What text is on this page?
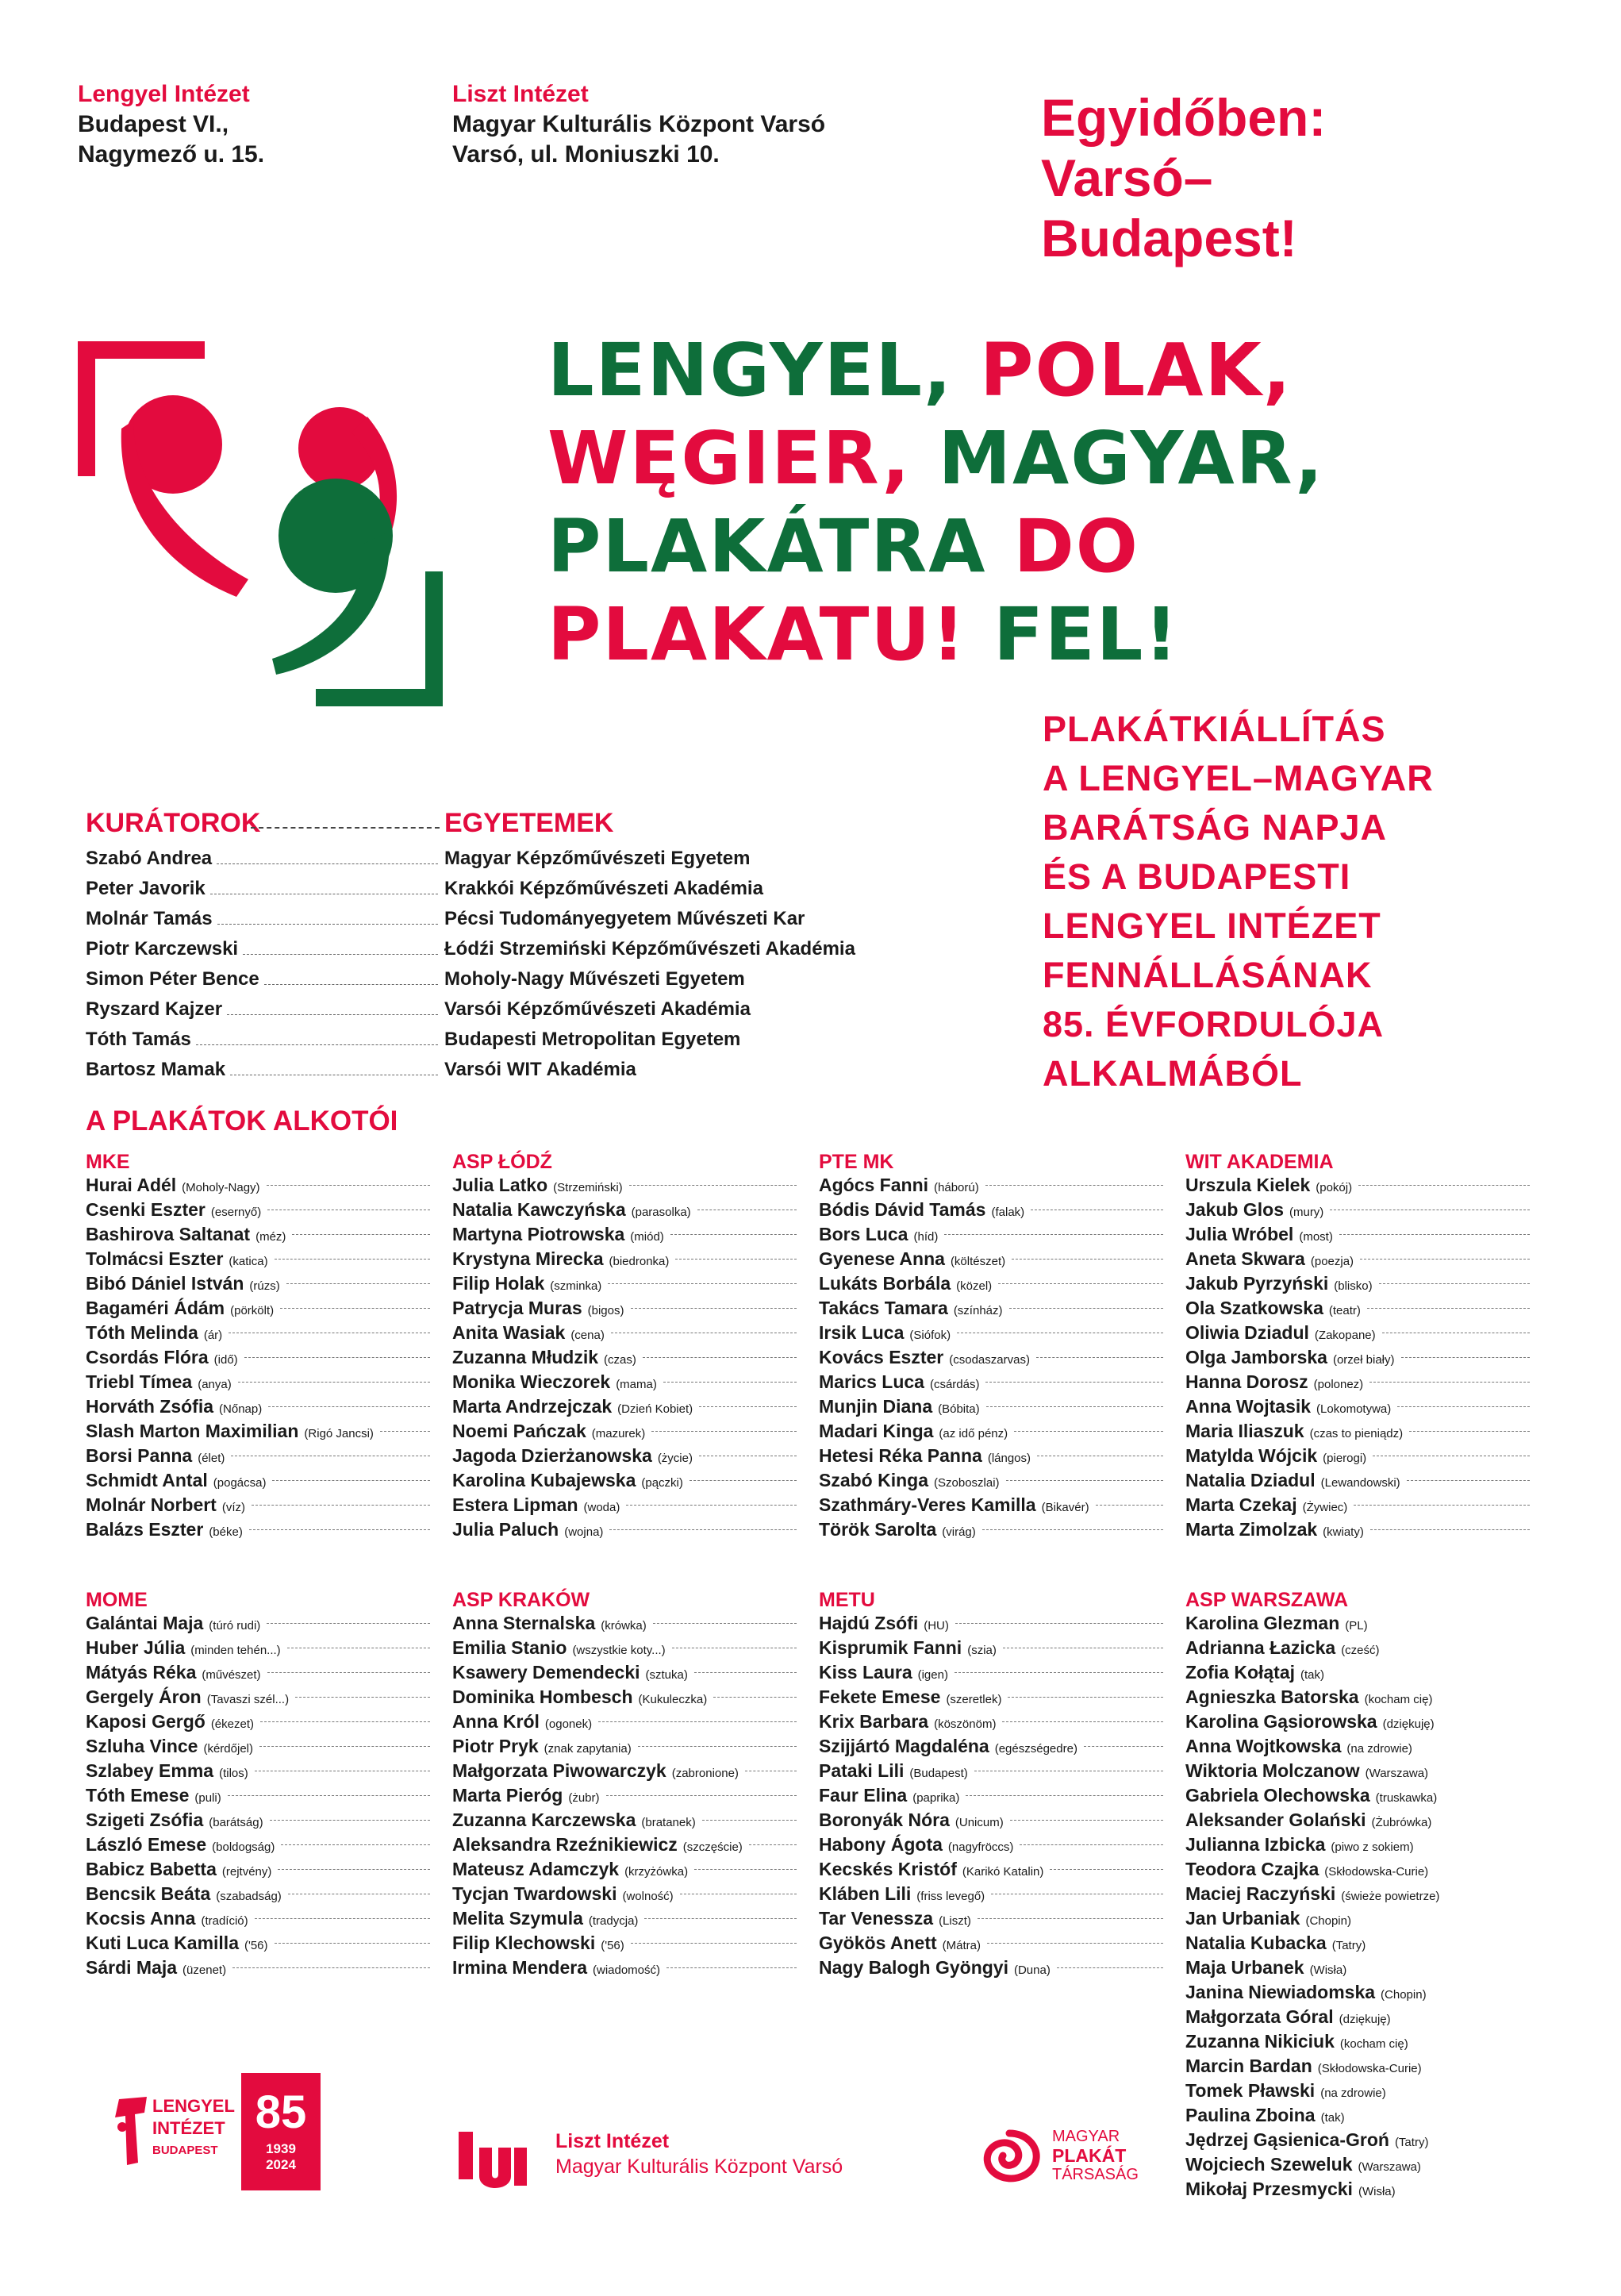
Lengyel Intézet
Budapest VI.,
Nagymező u. 15.
Liszt Intézet
Magyar Kulturális Központ Varsó
Varsó, ul. Moniuszki 10.
Egyidőben:
Varsó–
Budapest!
LENGYEL, POLAK,
WĘGIER, MAGYAR,
PLAKÁTRA DO
PLAKATU! FEL!
PLAKÁTKIÁLLÍTÁS
A LENGYEL–MAGYAR
BARÁTSÁG NAPJA
ÉS A BUDAPESTI
LENGYEL INTÉZET
FENNÁLLÁSÁNAK
85. ÉVFORDULÓJA
ALKALMÁBÓL
KURÁTOROK	EGYETEMEK
Szabó Andrea	Magyar Képzőművészeti Egyetem
Peter Javorik	Krakkói Képzőművészeti Akadémia
Molnár Tamás	Pécsi Tudományegyetem Művészeti Kar
Piotr Karczewski	Łódźi Strzemiński Képzőművészeti Akadémia
Simon Péter Bence	Moholy-Nagy Művészeti Egyetem
Ryszard Kajzer	Varsói Képzőművészeti Akadémia
Tóth Tamás	Budapesti Metropolitan Egyetem
Bartosz Mamak	Varsói WIT Akadémia
A PLAKÁTOK ALKOTÓI
MKE
Hurai Adél (Moholy-Nagy)
Csenki Eszter (esernyő)
Bashirova Saltanat (méz)
Tolmácsi Eszter (katica)
Bibó Dániel István (rúzs)
Bagaméri Ádám (pörkölt)
Tóth Melinda (ár)
Csordás Flóra (idő)
Triebl Tímea (anya)
Horváth Zsófia (Nőnap)
Slash Marton Maximilian (Rigó Jancsi)
Borsi Panna (élet)
Schmidt Antal (pogácsa)
Molnár Norbert (víz)
Balázs Eszter (béke)
ASP ŁÓDŹ
Julia Latko (Strzemiński)
Natalia Kawczyńska (parasolka)
Martyna Piotrowska (miód)
Krystyna Mirecka (biedronka)
Filip Holak (szminka)
Patrycja Muras (bigos)
Anita Wasiak (cena)
Zuzanna Młudzik (czas)
Monika Wieczorek (mama)
Marta Andrzejczak (Dzień Kobiet)
Noemi Pańczak (mazurek)
Jagoda Dzierżanowska (życie)
Karolina Kubajewska (pączki)
Estera Lipman (woda)
Julia Paluch (wojna)
PTE MK
Agócs Fanni (háború)
Bódis Dávid Tamás (falak)
Bors Luca (híd)
Gyenese Anna (költészet)
Lukáts Borbála (közel)
Takács Tamara (színház)
Irsik Luca (Siófok)
Kovács Eszter (csodaszarvas)
Marics Luca (csárdás)
Munjin Diana (Bóbita)
Madari Kinga (az idő pénz)
Hetesi Réka Panna (lángos)
Szabó Kinga (Szoboszlai)
Szathmáry-Veres Kamilla (Bikavér)
Török Sarolta (virág)
WIT AKADEMIA
Urszula Kielek (pokój)
Jakub Glos (mury)
Julia Wróbel (most)
Aneta Skwara (poezja)
Jakub Pyrzyński (blisko)
Ola Szatkowska (teatr)
Oliwia Dziadul (Zakopane)
Olga Jamborska (orzeł biały)
Hanna Dorosz (polonez)
Anna Wojtasik (Lokomotywa)
Maria Iliaszuk (czas to pieniądz)
Matylda Wójcik (pierogi)
Natalia Dziadul (Lewandowski)
Marta Czekaj (Żywiec)
Marta Zimolzak (kwiaty)
MOME
Galántai Maja (túró rudi)
Huber Júlia (minden tehén...)
Mátyás Réka (művészet)
Gergely Áron (Tavaszi szél...)
Kaposi Gergő (ékezet)
Szluha Vince (kérdőjel)
Szlabey Emma (tilos)
Tóth Emese (puli)
Szigeti Zsófia (barátság)
László Emese (boldogság)
Babicz Babetta (rejtvény)
Bencsik Beáta (szabadság)
Kocsis Anna (tradíció)
Kuti Luca Kamilla ('56)
Sárdi Maja (üzenet)
ASP KRAKÓW
Anna Sternalska (krówka)
Emilia Stanio (wszystkie koty...)
Ksawery Demendecki (sztuka)
Dominika Hombesch (Kukuleczka)
Anna Król (ogonek)
Piotr Pryk (znak zapytania)
Małgorzata Piwowarczyk (zabronione)
Marta Pieróg (żubr)
Zuzanna Karczewska (bratanek)
Aleksandra Rzeźnikiewicz (szczęście)
Mateusz Adamczyk (krzyżówka)
Tycjan Twardowski (wolność)
Melita Szymula (tradycja)
Filip Klechowski ('56)
Irmina Mendera (wiadomość)
METU
Hajdú Zsófi (HU)
Kisprumik Fanni (szia)
Kiss Laura (igen)
Fekete Emese (szeretlek)
Krix Barbara (köszönöm)
Szijjártó Magdaléna (egészségedre)
Pataki Lili (Budapest)
Faur Elina (paprika)
Boronyák Nóra (Unicum)
Habony Ágota (nagyfröccs)
Kecskés Kristóf (Karikó Katalin)
Kláben Lili (friss levegő)
Tar Venessza (Liszt)
Gyökös Anett (Mátra)
Nagy Balogh Gyöngyi (Duna)
ASP WARSZAWA
Karolina Glezman (PL)
Adrianna Łazicka (cześć)
Zofia Kołątaj (tak)
Agnieszka Batorska (kocham cię)
Karolina Gąsiorowska (dziękuję)
Anna Wojtkowska (na zdrowie)
Wiktoria Molczanow (Warszawa)
Gabriela Olechowska (truskawka)
Aleksander Golański (Żubrówka)
Julianna Izbicka (piwo z sokiem)
Teodora Czajka (Skłodowska-Curie)
Maciej Raczyński (świeże powietrze)
Jan Urbaniak (Chopin)
Natalia Kubacka (Tatry)
Maja Urbanek (Wisła)
Janina Niewiadomska (Chopin)
Małgorzata Góral (dziękuję)
Zuzanna Nikiciuk (kocham cię)
Marcin Bardan (Skłodowska-Curie)
Tomek Pławski (na zdrowie)
Paulina Zboina (tak)
Jędrzej Gąsienica-Groń (Tatry)
Wojciech Szeweluk (Warszawa)
Mikołaj Przesmycki (Wisła)
LENGYEL
INTÉZET
BUDAPEST
85
1939
2024
Liszt Intézet
Magyar Kulturális Központ Varsó
MAGYAR
PLAKÁT
TÁRSASÁG
